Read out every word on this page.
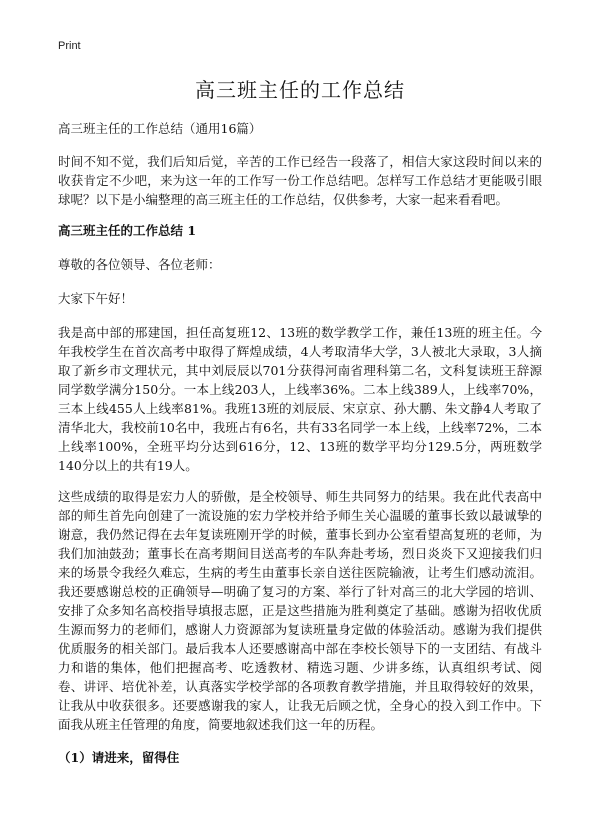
Print
高三班主任的工作总结
高三班主任的工作总结（通用16篇）

时间不知不觉，我们后知后觉，辛苦的工作已经告一段落了，相信大家这段时间以来的收获肯定不少吧，来为这一年的工作写一份工作总结吧。怎样写工作总结才更能吸引眼球呢？以下是小编整理的高三班主任的工作总结，仅供参考，大家一起来看看吧。

高三班主任的工作总结 1
尊敬的各位领导、各位老师：
大家下午好！

我是高中部的邢建国，担任高复班12、13班的数学教学工作，兼任13班的班主任。今年我校学生在首次高考中取得了辉煌成绩，4人考取清华大学，3人被北大录取，3人摘取了新乡市文理状元，其中刘辰辰以701分获得河南省理科第二名，文科复读班王辞源同学数学满分150分。一本上线203人，上线率36%。二本上线389人，上线率70%，三本上线455人上线率81%。我班13班的刘辰辰、宋京京、孙大鹏、朱文静4人考取了清华北大，我校前10名中，我班占有6名，共有33名同学一本上线，上线率72%，二本上线率100%，全班平均分达到616分，12、13班的数学平均分129.5分，两班数学140分以上的共有19人。

这些成绩的取得是宏力人的骄傲，是全校领导、师生共同努力的结果。我在此代表高中部的师生首先向创建了一流设施的宏力学校并给予师生关心温暖的董事长致以最诚挚的谢意，我仍然记得在去年复读班刚开学的时候，董事长到办公室看望高复班的老师，为我们加油鼓劲；董事长在高考期间目送高考的车队奔赴考场，烈日炎炎下又迎接我们归来的场景令我经久难忘，生病的考生由董事长亲自送往医院输液，让考生们感动流泪。我还要感谢总校的正确领导—明确了复习的方案、举行了针对高三的北大学园的培训、安排了众多知名高校指导填报志愿，正是这些措施为胜利奠定了基础。感谢为招收优质生源而努力的老师们，感谢人力资源部为复读班量身定做的体验活动。感谢为我们提供优质服务的相关部门。最后我本人还要感谢高中部在李校长领导下的一支团结、有战斗力和谐的集体，他们把握高考、吃透教材、精选习题、少讲多练，认真组织考试、阅卷、讲评、培优补差，认真落实学校学部的各项教育教学措施，并且取得较好的效果，让我从中收获很多。还要感谢我的家人，让我无后顾之忧，全身心的投入到工作中。下面我从班主任管理的角度，简要地叙述我们这一年的历程。

（1）请进来，留得住
